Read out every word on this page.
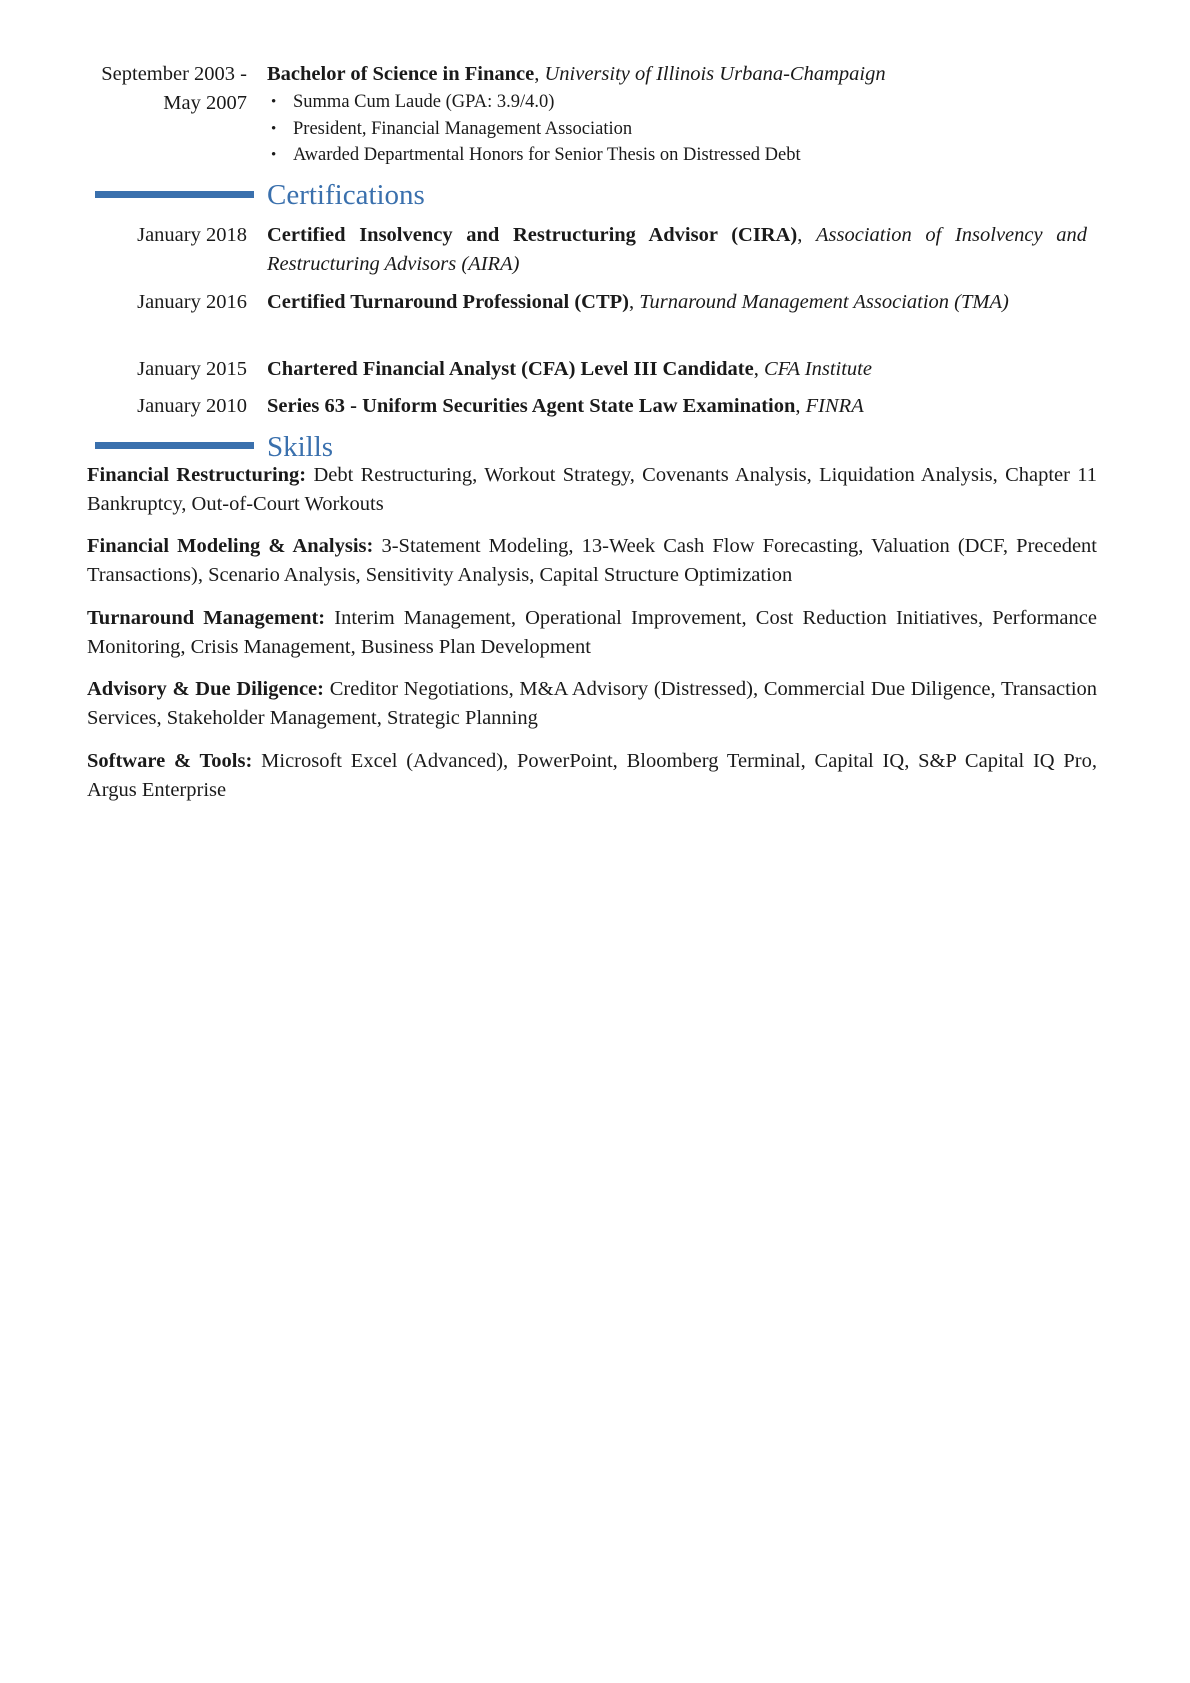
September 2003 - May 2007
Bachelor of Science in Finance, University of Illinois Urbana-Champaign
• Summa Cum Laude (GPA: 3.9/4.0)
• President, Financial Management Association
• Awarded Departmental Honors for Senior Thesis on Distressed Debt
Certifications
January 2018 Certified Insolvency and Restructuring Advisor (CIRA), Association of Insolvency and Restructuring Advisors (AIRA)
January 2016 Certified Turnaround Professional (CTP), Turnaround Management Association (TMA)
January 2015 Chartered Financial Analyst (CFA) Level III Candidate, CFA Institute
January 2010 Series 63 - Uniform Securities Agent State Law Examination, FINRA
Skills
Financial Restructuring: Debt Restructuring, Workout Strategy, Covenants Analysis, Liquidation Analysis, Chapter 11 Bankruptcy, Out-of-Court Workouts
Financial Modeling & Analysis: 3-Statement Modeling, 13-Week Cash Flow Forecasting, Valuation (DCF, Precedent Transactions), Scenario Analysis, Sensitivity Analysis, Capital Structure Optimization
Turnaround Management: Interim Management, Operational Improvement, Cost Reduction Initiatives, Performance Monitoring, Crisis Management, Business Plan Development
Advisory & Due Diligence: Creditor Negotiations, M&A Advisory (Distressed), Commercial Due Diligence, Transaction Services, Stakeholder Management, Strategic Planning
Software & Tools: Microsoft Excel (Advanced), PowerPoint, Bloomberg Terminal, Capital IQ, S&P Capital IQ Pro, Argus Enterprise
